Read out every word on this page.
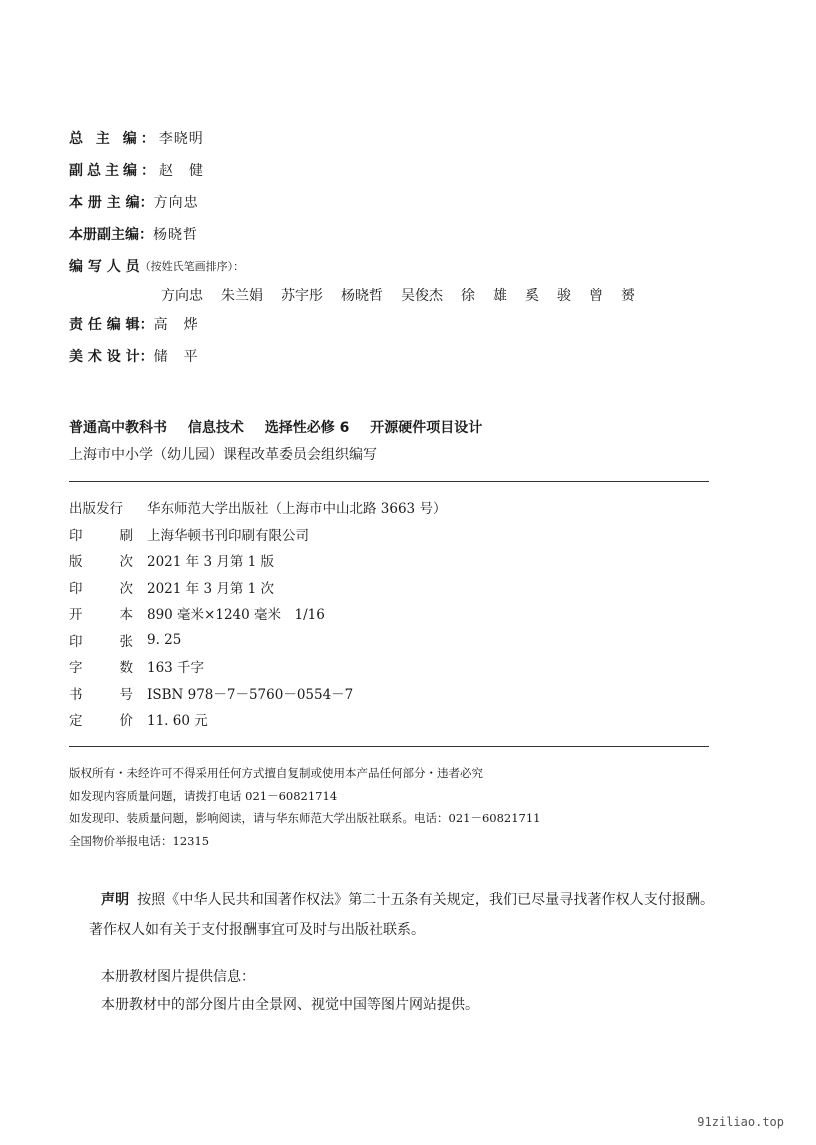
总 主 编： 李晓明
副总主编： 赵　健
本 册 主 编： 方向忠
本册副主编： 杨晓哲
编 写 人 员 （按姓氏笔画排序）：
方向忠 朱兰娟 苏宇彤 杨晓哲 吴俊杰 徐 雄 奚 骏 曾 赟
责 任 编 辑： 高　烨
美 术 设 计： 储　平
普通高中教科书 信息技术 选择性必修 6 开源硬件项目设计
上海市中小学（幼儿园）课程改革委员会组织编写
出版发行	华东师范大学出版社（上海市中山北路 3663 号）
印	刷 上海华顿书刊印刷有限公司
版	次 2021 年 3 月第 1 版
印	次 2021 年 3 月第 1 次
开	本 890 毫米×1240 毫米　1/16
印	张 9. 25
字	数 163 千字
书	号 ISBN 978－7－5760－0554－7
定	价 11. 60 元
版权所有・未经许可不得采用任何方式擅自复制或使用本产品任何部分・违者必究
如发现内容质量问题，请拨打电话 021－60821714
如发现印、装质量问题，影响阅读，请与华东师范大学出版社联系。电话：021－60821711
全国物价举报电话：12315
声明 按照《中华人民共和国著作权法》第二十五条有关规定，我们已尽量寻找著作权人支付报酬。著作权人如有关于支付报酬事宜可及时与出版社联系。
本册教材图片提供信息：
本册教材中的部分图片由全景网、视觉中国等图片网站提供。
91ziliao.top
